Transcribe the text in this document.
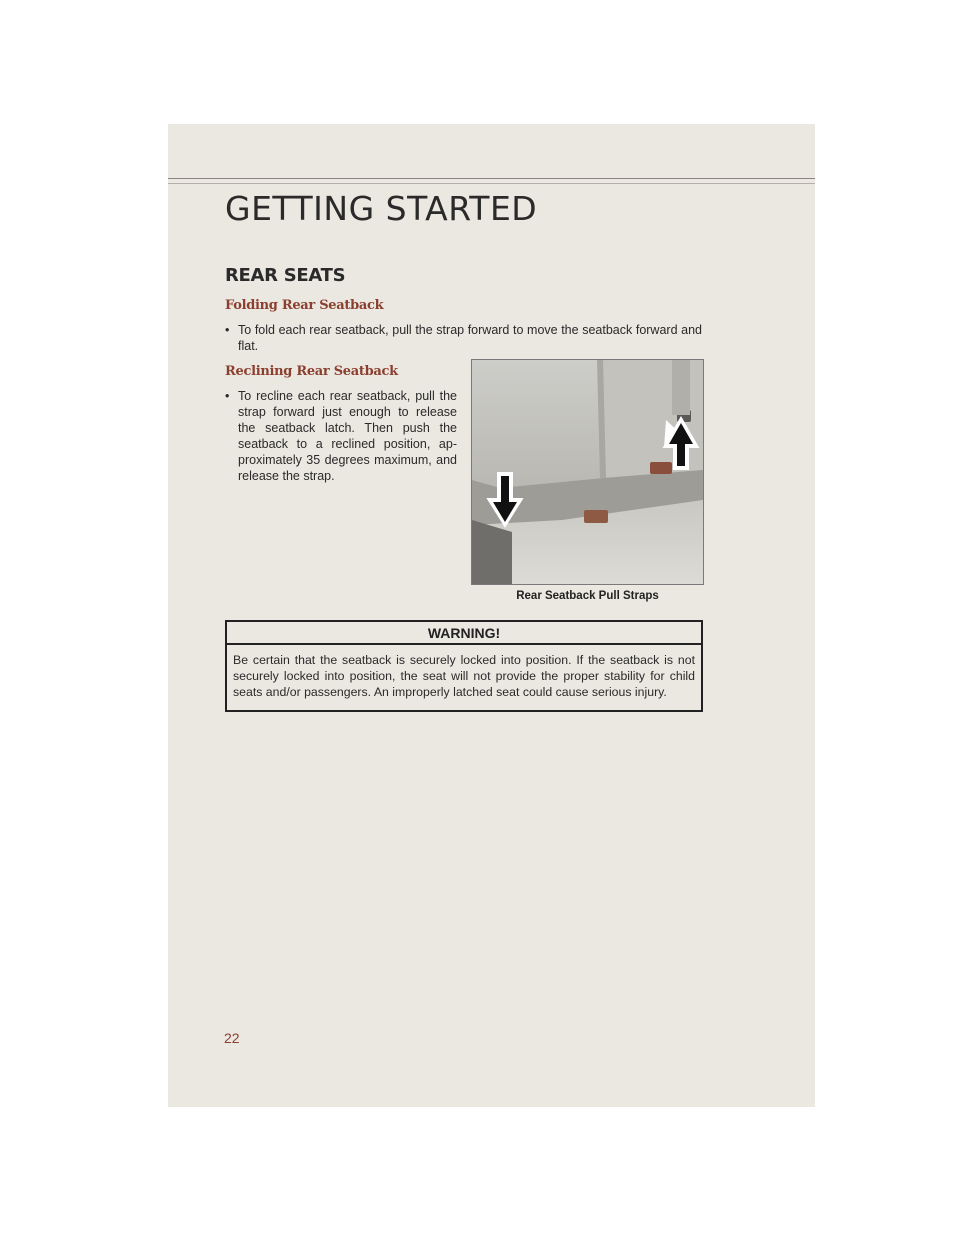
GETTING STARTED
REAR SEATS
Folding Rear Seatback

• To fold each rear seatback, pull the strap forward to move the seatback forward and flat.

Reclining Rear Seatback

• To recline each rear seatback, pull the strap forward just enough to release the seatback latch. Then push the seatback to a reclined position, ap-proximately 35 degrees maximum, and release the strap.

Rear Seatback Pull Straps

WARNING!
Be certain that the seatback is securely locked into position. If the seatback is not securely locked into position, the seat will not provide the proper stability for child seats and/or passengers. An improperly latched seat could cause serious injury.

22
